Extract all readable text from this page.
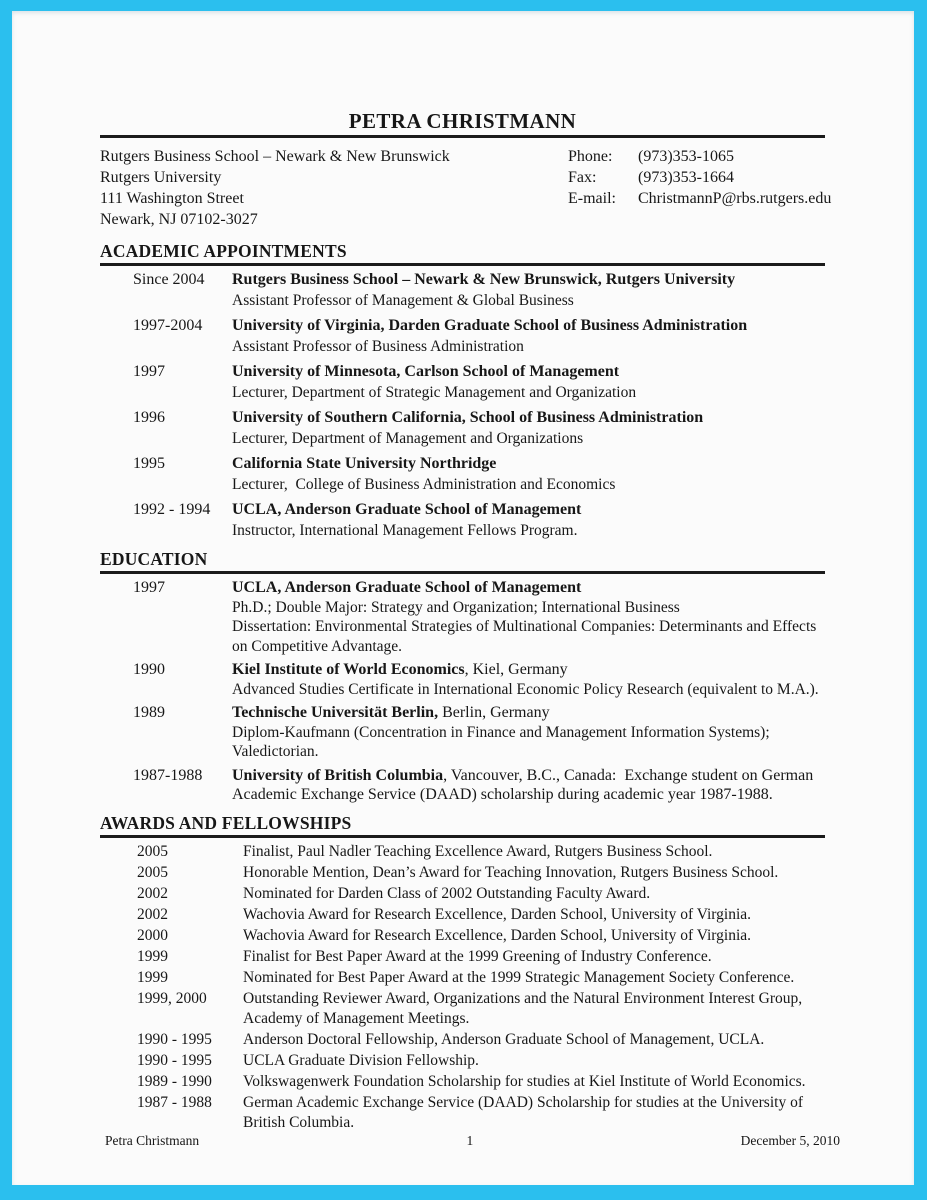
PETRA CHRISTMANN
Rutgers Business School – Newark & New Brunswick
Rutgers University
111 Washington Street
Newark, NJ 07102-3027
Phone:	(973)353-1065
Fax:	(973)353-1664
E-mail:	ChristmannP@rbs.rutgers.edu
ACADEMIC APPOINTMENTS
Since 2004	Rutgers Business School – Newark & New Brunswick, Rutgers University
Assistant Professor of Management & Global Business
1997-2004	University of Virginia, Darden Graduate School of Business Administration
Assistant Professor of Business Administration
1997	University of Minnesota, Carlson School of Management
Lecturer, Department of Strategic Management and Organization
1996	University of Southern California, School of Business Administration
Lecturer, Department of Management and Organizations
1995	California State University Northridge
Lecturer,  College of Business Administration and Economics
1992 - 1994	UCLA, Anderson Graduate School of Management
Instructor, International Management Fellows Program.
EDUCATION
1997	UCLA, Anderson Graduate School of Management
Ph.D.; Double Major: Strategy and Organization; International Business
Dissertation: Environmental Strategies of Multinational Companies: Determinants and Effects on Competitive Advantage.
1990	Kiel Institute of World Economics, Kiel, Germany
Advanced Studies Certificate in International Economic Policy Research (equivalent to M.A.).
1989	Technische Universität Berlin, Berlin, Germany
Diplom-Kaufmann (Concentration in Finance and Management Information Systems); Valedictorian.
1987-1988	University of British Columbia, Vancouver, B.C., Canada:  Exchange student on German Academic Exchange Service (DAAD) scholarship during academic year 1987-1988.
AWARDS AND FELLOWSHIPS
2005	Finalist, Paul Nadler Teaching Excellence Award, Rutgers Business School.
2005	Honorable Mention, Dean’s Award for Teaching Innovation, Rutgers Business School.
2002	Nominated for Darden Class of 2002 Outstanding Faculty Award.
2002	Wachovia Award for Research Excellence, Darden School, University of Virginia.
2000	Wachovia Award for Research Excellence, Darden School, University of Virginia.
1999	Finalist for Best Paper Award at the 1999 Greening of Industry Conference.
1999	Nominated for Best Paper Award at the 1999 Strategic Management Society Conference.
1999, 2000	Outstanding Reviewer Award, Organizations and the Natural Environment Interest Group, Academy of Management Meetings.
1990 - 1995	Anderson Doctoral Fellowship, Anderson Graduate School of Management, UCLA.
1990 - 1995	UCLA Graduate Division Fellowship.
1989 - 1990	Volkswagenwerk Foundation Scholarship for studies at Kiel Institute of World Economics.
1987 - 1988	German Academic Exchange Service (DAAD) Scholarship for studies at the University of British Columbia.
Petra Christmann	1	December 5, 2010
